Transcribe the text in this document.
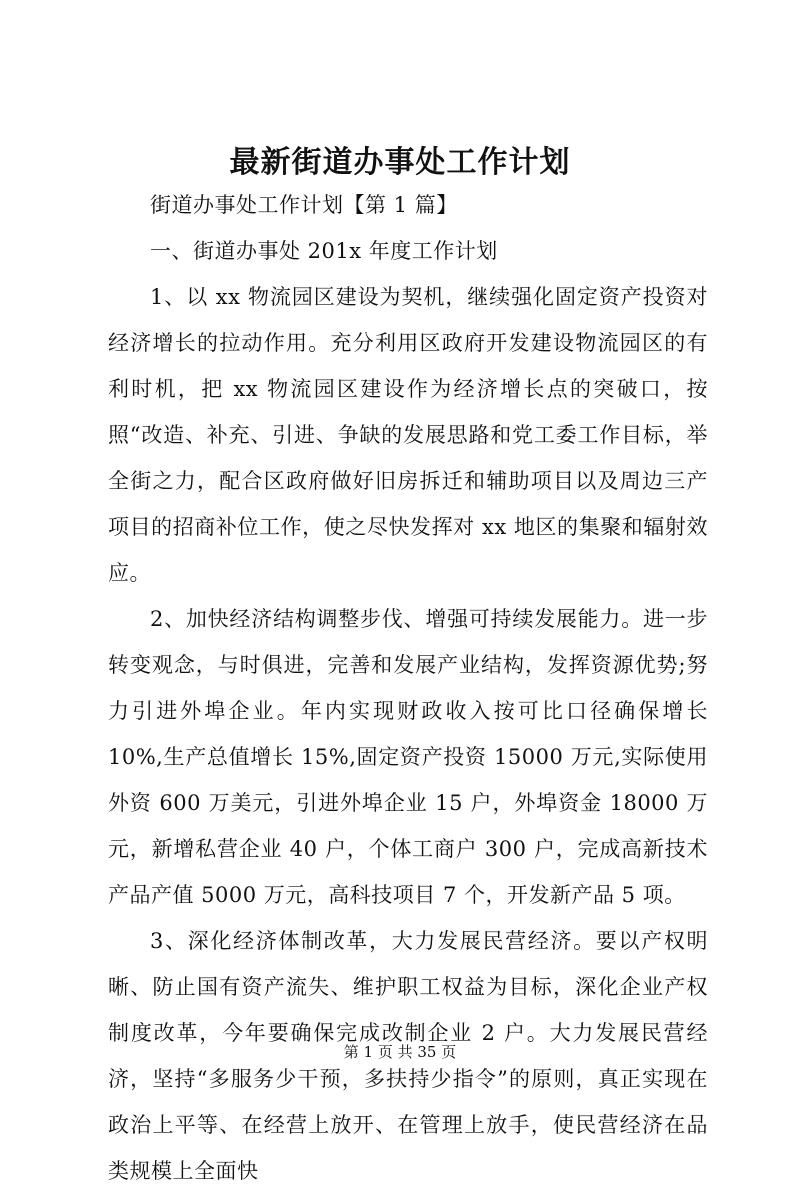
最新街道办事处工作计划

街道办事处工作计划【第 1 篇】

一、街道办事处 201x 年度工作计划

1、以 xx 物流园区建设为契机，继续强化固定资产投资对经济增长的拉动作用。充分利用区政府开发建设物流园区的有利时机，把 xx 物流园区建设作为经济增长点的突破口，按照“改造、补充、引进、争缺的发展思路和党工委工作目标，举全街之力，配合区政府做好旧房拆迁和辅助项目以及周边三产项目的招商补位工作，使之尽快发挥对 xx 地区的集聚和辐射效应。

2、加快经济结构调整步伐、增强可持续发展能力。进一步转变观念，与时俱进，完善和发展产业结构，发挥资源优势;努力引进外埠企业。年内实现财政收入按可比口径确保增长 10%,生产总值增长 15%,固定资产投资 15000 万元,实际使用外资 600 万美元，引进外埠企业 15 户，外埠资金 18000 万元，新增私营企业 40 户，个体工商户 300 户，完成高新技术产品产值 5000 万元，高科技项目 7 个，开发新产品 5 项。

3、深化经济体制改革，大力发展民营经济。要以产权明晰、防止国有资产流失、维护职工权益为目标，深化企业产权制度改革，今年要确保完成改制企业 2 户。大力发展民营经济，坚持“多服务少干预，多扶持少指令”的原则，真正实现在政治上平等、在经营上放开、在管理上放手，使民营经济在品类规模上全面快

第 1 页 共 35 页
